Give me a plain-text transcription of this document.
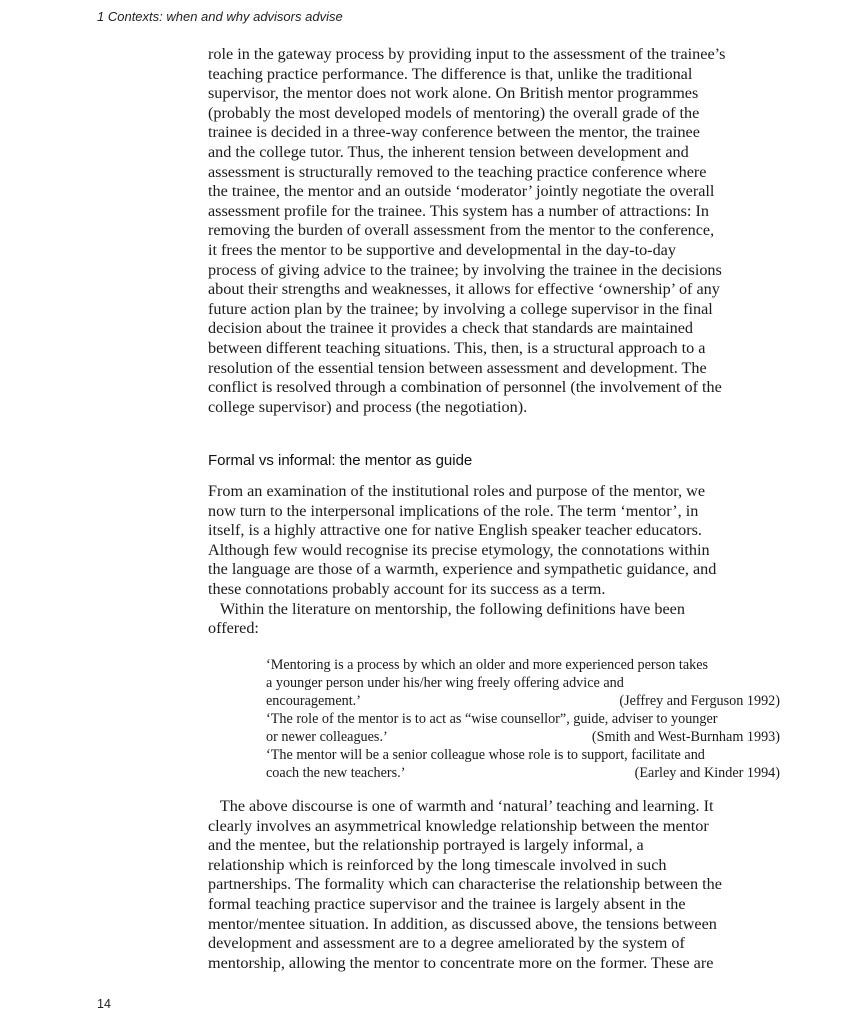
1 Contexts: when and why advisors advise

role in the gateway process by providing input to the assessment of the trainee’s

teaching practice performance. The difference is that, unlike the traditional

supervisor, the mentor does not work alone. On British mentor programmes

(probably the most developed models of mentoring) the overall grade of the

trainee is decided in a three-way conference between the mentor, the trainee

and the college tutor. Thus, the inherent tension between development and

assessment is structurally removed to the teaching practice conference where

the trainee, the mentor and an outside ‘moderator’ jointly negotiate the overall

assessment profile for the trainee. This system has a number of attractions: In

removing the burden of overall assessment from the mentor to the conference,

it frees the mentor to be supportive and developmental in the day-to-day

process of giving advice to the trainee; by involving the trainee in the decisions

about their strengths and weaknesses, it allows for effective ‘ownership’ of any

future action plan by the trainee; by involving a college supervisor in the final

decision about the trainee it provides a check that standards are maintained

between different teaching situations. This, then, is a structural approach to a

resolution of the essential tension between assessment and development. The

conflict is resolved through a combination of personnel (the involvement of the

college supervisor) and process (the negotiation).

Formal vs informal: the mentor as guide

From an examination of the institutional roles and purpose of the mentor, we

now turn to the interpersonal implications of the role. The term ‘mentor’, in

itself, is a highly attractive one for native English speaker teacher educators.

Although few would recognise its precise etymology, the connotations within

the language are those of a warmth, experience and sympathetic guidance, and

these connotations probably account for its success as a term.

Within the literature on mentorship, the following definitions have been

offered:

‘Mentoring is a process by which an older and more experienced person takes

a younger person under his/her wing freely offering advice and

encouragement.’	(Jeffrey and Ferguson 1992)

‘The role of the mentor is to act as “wise counsellor”, guide, adviser to younger

or newer colleagues.’	(Smith and West-Burnham 1993)

‘The mentor will be a senior colleague whose role is to support, facilitate and

coach the new teachers.’	(Earley and Kinder 1994)

The above discourse is one of warmth and ‘natural’ teaching and learning. It

clearly involves an asymmetrical knowledge relationship between the mentor

and the mentee, but the relationship portrayed is largely informal, a

relationship which is reinforced by the long timescale involved in such

partnerships. The formality which can characterise the relationship between the

formal teaching practice supervisor and the trainee is largely absent in the

mentor/mentee situation. In addition, as discussed above, the tensions between

development and assessment are to a degree ameliorated by the system of

mentorship, allowing the mentor to concentrate more on the former. These are

14
